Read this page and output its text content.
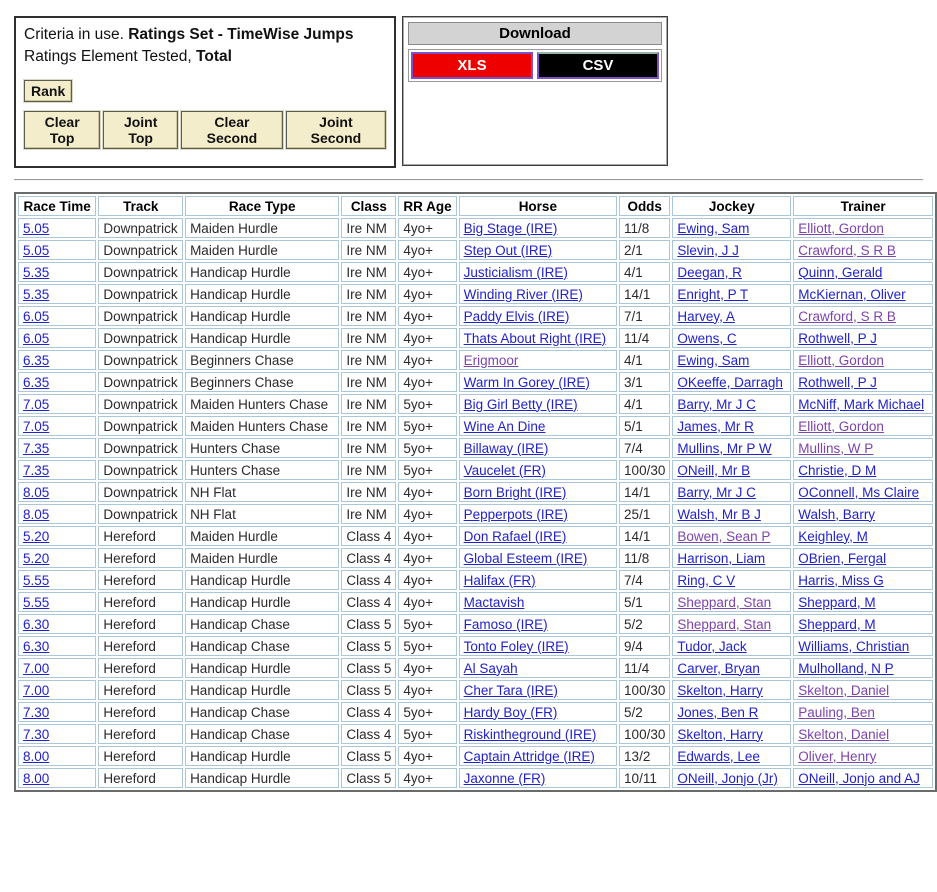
Criteria in use. Ratings Set - TimeWise Jumps
Ratings Element Tested, Total
Rank
Clear Top
Joint Top
Clear Second
Joint Second
Download
XLS	CSV
Race Time	Track	Race Type	Class	RR Age	Horse	Odds	Jockey	Trainer
5.05	Downpatrick	Maiden Hurdle	Ire NM	4yo+	Big Stage (IRE)	11/8	Ewing, Sam	Elliott, Gordon
5.05	Downpatrick	Maiden Hurdle	Ire NM	4yo+	Step Out (IRE)	2/1	Slevin, J J	Crawford, S R B
5.35	Downpatrick	Handicap Hurdle	Ire NM	4yo+	Justicialism (IRE)	4/1	Deegan, R	Quinn, Gerald
5.35	Downpatrick	Handicap Hurdle	Ire NM	4yo+	Winding River (IRE)	14/1	Enright, P T	McKiernan, Oliver
6.05	Downpatrick	Handicap Hurdle	Ire NM	4yo+	Paddy Elvis (IRE)	7/1	Harvey, A	Crawford, S R B
6.05	Downpatrick	Handicap Hurdle	Ire NM	4yo+	Thats About Right (IRE)	11/4	Owens, C	Rothwell, P J
6.35	Downpatrick	Beginners Chase	Ire NM	4yo+	Erigmoor	4/1	Ewing, Sam	Elliott, Gordon
6.35	Downpatrick	Beginners Chase	Ire NM	4yo+	Warm In Gorey (IRE)	3/1	OKeeffe, Darragh	Rothwell, P J
7.05	Downpatrick	Maiden Hunters Chase	Ire NM	5yo+	Big Girl Betty (IRE)	4/1	Barry, Mr J C	McNiff, Mark Michael
7.05	Downpatrick	Maiden Hunters Chase	Ire NM	5yo+	Wine An Dine	5/1	James, Mr R	Elliott, Gordon
7.35	Downpatrick	Hunters Chase	Ire NM	5yo+	Billaway (IRE)	7/4	Mullins, Mr P W	Mullins, W P
7.35	Downpatrick	Hunters Chase	Ire NM	5yo+	Vaucelet (FR)	100/30	ONeill, Mr B	Christie, D M
8.05	Downpatrick	NH Flat	Ire NM	4yo+	Born Bright (IRE)	14/1	Barry, Mr J C	OConnell, Ms Claire
8.05	Downpatrick	NH Flat	Ire NM	4yo+	Pepperpots (IRE)	25/1	Walsh, Mr B J	Walsh, Barry
5.20	Hereford	Maiden Hurdle	Class 4	4yo+	Don Rafael (IRE)	14/1	Bowen, Sean P	Keighley, M
5.20	Hereford	Maiden Hurdle	Class 4	4yo+	Global Esteem (IRE)	11/8	Harrison, Liam	OBrien, Fergal
5.55	Hereford	Handicap Hurdle	Class 4	4yo+	Halifax (FR)	7/4	Ring, C V	Harris, Miss G
5.55	Hereford	Handicap Hurdle	Class 4	4yo+	Mactavish	5/1	Sheppard, Stan	Sheppard, M
6.30	Hereford	Handicap Chase	Class 5	5yo+	Famoso (IRE)	5/2	Sheppard, Stan	Sheppard, M
6.30	Hereford	Handicap Chase	Class 5	5yo+	Tonto Foley (IRE)	9/4	Tudor, Jack	Williams, Christian
7.00	Hereford	Handicap Hurdle	Class 5	4yo+	Al Sayah	11/4	Carver, Bryan	Mulholland, N P
7.00	Hereford	Handicap Hurdle	Class 5	4yo+	Cher Tara (IRE)	100/30	Skelton, Harry	Skelton, Daniel
7.30	Hereford	Handicap Chase	Class 4	5yo+	Hardy Boy (FR)	5/2	Jones, Ben R	Pauling, Ben
7.30	Hereford	Handicap Chase	Class 4	5yo+	Riskintheground (IRE)	100/30	Skelton, Harry	Skelton, Daniel
8.00	Hereford	Handicap Hurdle	Class 5	4yo+	Captain Attridge (IRE)	13/2	Edwards, Lee	Oliver, Henry
8.00	Hereford	Handicap Hurdle	Class 5	4yo+	Jaxonne (FR)	10/11	ONeill, Jonjo (Jr)	ONeill, Jonjo and AJ
